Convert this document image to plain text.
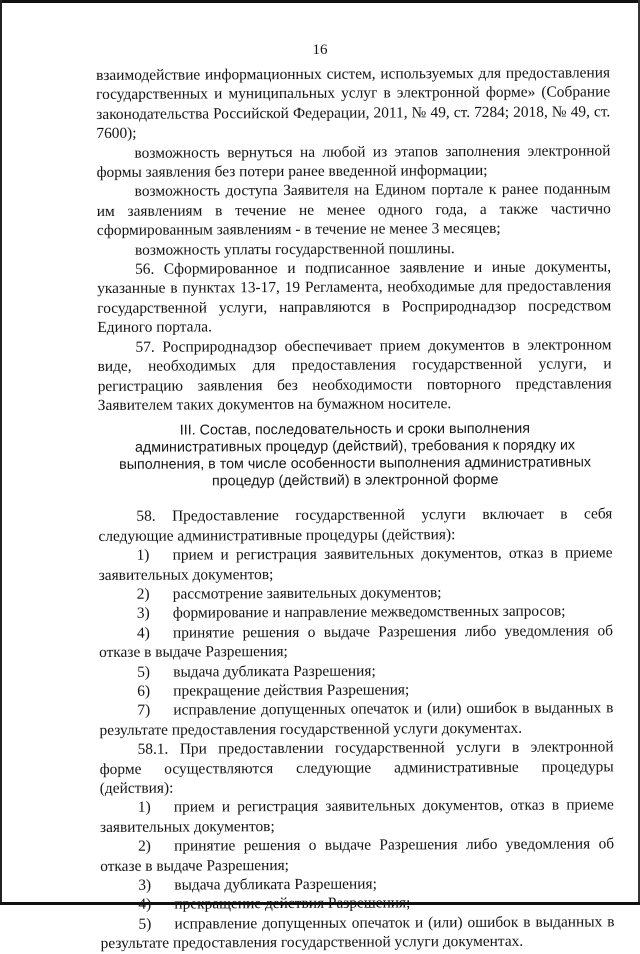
16

взаимодействие информационных систем, используемых для предоставления государственных и муниципальных услуг в электронной форме» (Собрание законодательства Российской Федерации, 2011, № 49, ст. 7284; 2018, № 49, ст. 7600);

возможность вернуться на любой из этапов заполнения электронной формы заявления без потери ранее введенной информации;

возможность доступа Заявителя на Едином портале к ранее поданным им заявлениям в течение не менее одного года, а также частично сформированным заявлениям - в течение не менее 3 месяцев;

возможность уплаты государственной пошлины.

56. Сформированное и подписанное заявление и иные документы, указанные в пунктах 13-17, 19 Регламента, необходимые для предоставления государственной услуги, направляются в Росприроднадзор посредством Единого портала.

57. Росприроднадзор обеспечивает прием документов в электронном виде, необходимых для предоставления государственной услуги, и регистрацию заявления без необходимости повторного представления Заявителем таких документов на бумажном носителе.

III. Состав, последовательность и сроки выполнения административных процедур (действий), требования к порядку их выполнения, в том числе особенности выполнения административных процедур (действий) в электронной форме

58. Предоставление государственной услуги включает в себя следующие административные процедуры (действия):

1) прием и регистрация заявительных документов, отказ в приеме заявительных документов;

2) рассмотрение заявительных документов;

3) формирование и направление межведомственных запросов;

4) принятие решения о выдаче Разрешения либо уведомления об отказе в выдаче Разрешения;

5) выдача дубликата Разрешения;

6) прекращение действия Разрешения;

7) исправление допущенных опечаток и (или) ошибок в выданных в результате предоставления государственной услуги документах.

58.1. При предоставлении государственной услуги в электронной форме осуществляются следующие административные процедуры (действия):

1) прием и регистрация заявительных документов, отказ в приеме заявительных документов;

2) принятие решения о выдаче Разрешения либо уведомления об отказе в выдаче Разрешения;

3) выдача дубликата Разрешения;

4) прекращение действия Разрешения;

5) исправление допущенных опечаток и (или) ошибок в выданных в результате предоставления государственной услуги документах.
